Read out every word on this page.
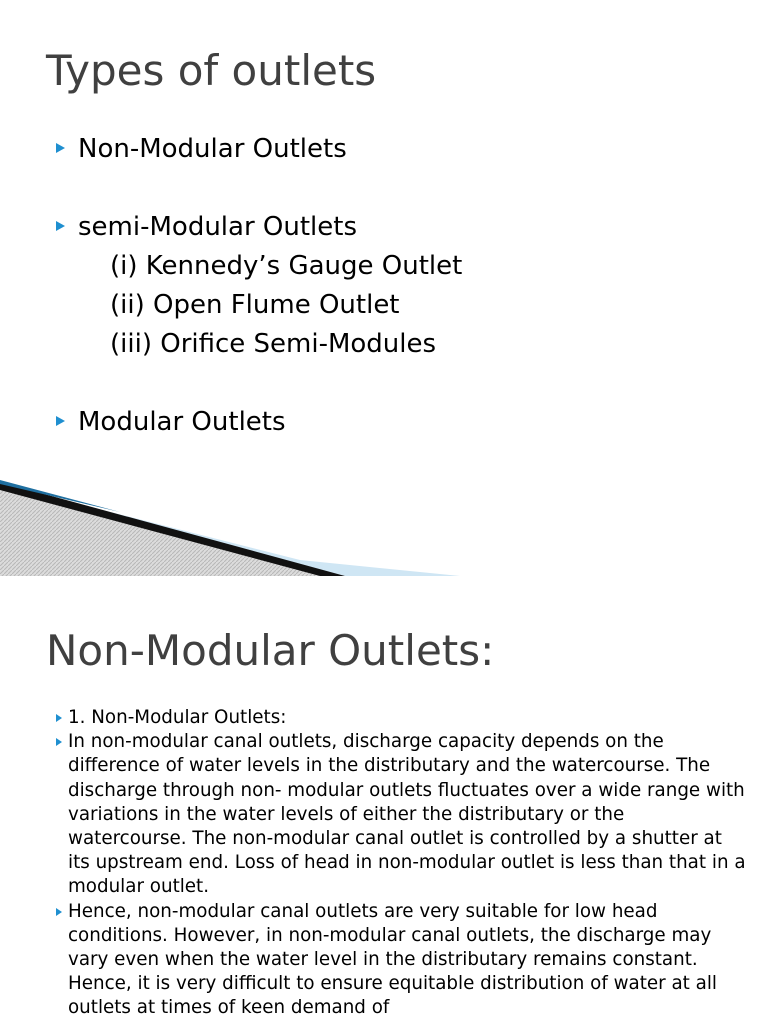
Types of outlets
Non-Modular Outlets
semi-Modular Outlets
(i) Kennedy’s Gauge Outlet
(ii) Open Flume Outlet
(iii) Orifice Semi-Modules
Modular Outlets
Non-Modular Outlets:
1. Non-Modular Outlets:
In non-modular canal outlets, discharge capacity depends on the difference of water levels in the distributary and the watercourse. The discharge through non- modular outlets fluctuates over a wide range with variations in the water levels of either the distributary or the watercourse. The non-modular canal outlet is controlled by a shutter at its upstream end. Loss of head in non-modular outlet is less than that in a modular outlet.
Hence, non-modular canal outlets are very suitable for low head conditions. However, in non-modular canal outlets, the discharge may vary even when the water level in the distributary remains constant. Hence, it is very difficult to ensure equitable distribution of water at all outlets at times of keen demand of
